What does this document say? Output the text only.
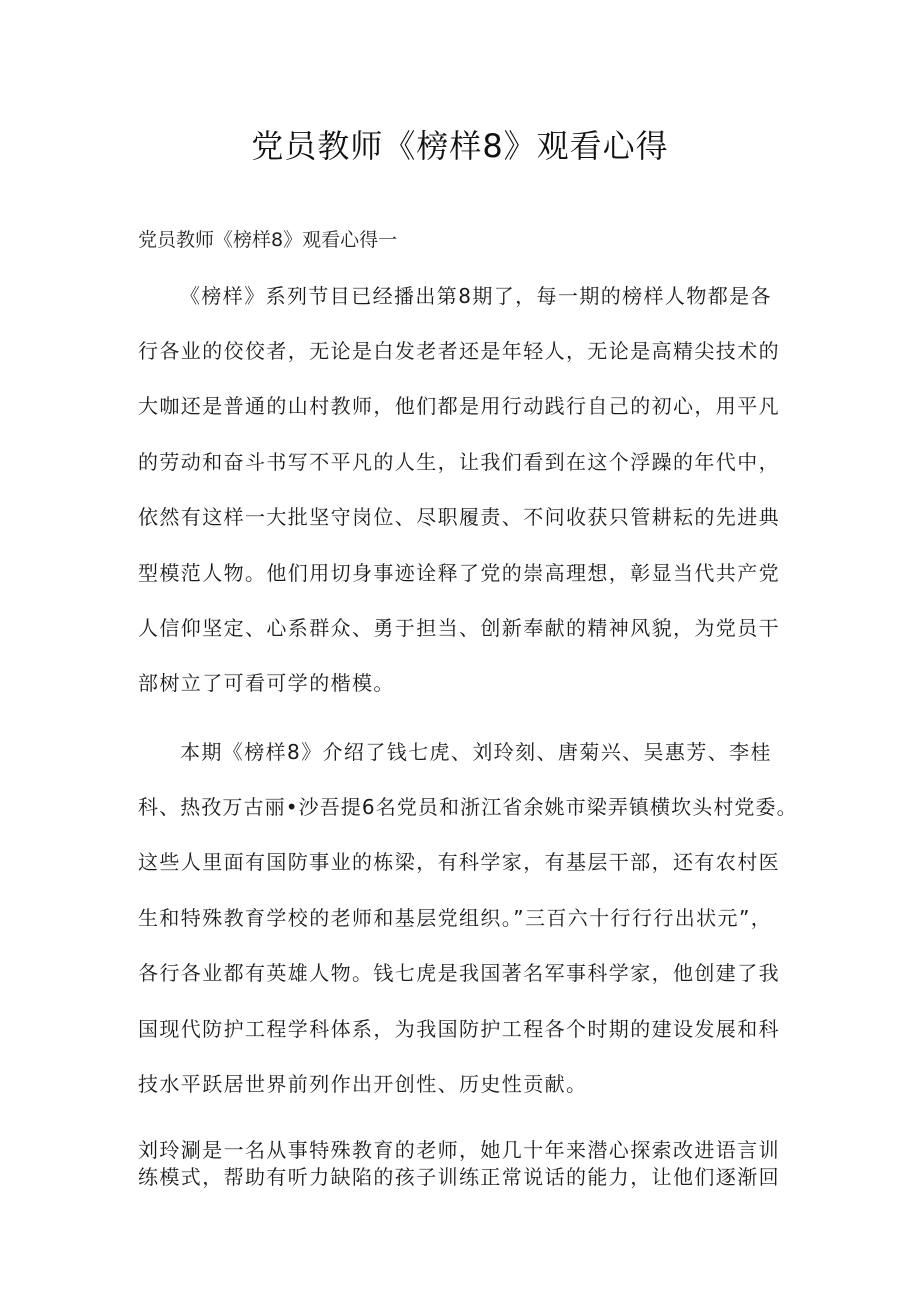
党员教师《榜样8》观看心得
党员教师《榜样8》观看心得一
《榜样》系列节目已经播出第8期了，每一期的榜样人物都是各
行各业的佼佼者，无论是白发老者还是年轻人，无论是高精尖技术的
大咖还是普通的山村教师，他们都是用行动践行自己的初心，用平凡
的劳动和奋斗书写不平凡的人生，让我们看到在这个浮躁的年代中，
依然有这样一大批坚守岗位、尽职履责、不问收获只管耕耘的先进典
型模范人物。他们用切身事迹诠释了党的崇高理想，彰显当代共产党
人信仰坚定、心系群众、勇于担当、创新奉献的精神风貌，为党员干
部树立了可看可学的楷模。
本期《榜样8》介绍了钱七虎、刘玲刻、唐菊兴、吴惠芳、李桂
科、热孜万古丽•沙吾提6名党员和浙江省余姚市梁弄镇横坎头村党委。
这些人里面有国防事业的栋梁，有科学家，有基层干部，还有农村医
生和特殊教育学校的老师和基层党组织。”三百六十行行行出状元”，
各行各业都有英雄人物。钱七虎是我国著名军事科学家，他创建了我
国现代防护工程学科体系，为我国防护工程各个时期的建设发展和科
技水平跃居世界前列作出开创性、历史性贡献。
刘玲涮是一名从事特殊教育的老师，她几十年来潜心探索改进语言训
练模式，帮助有听力缺陷的孩子训练正常说话的能力，让他们逐渐回
